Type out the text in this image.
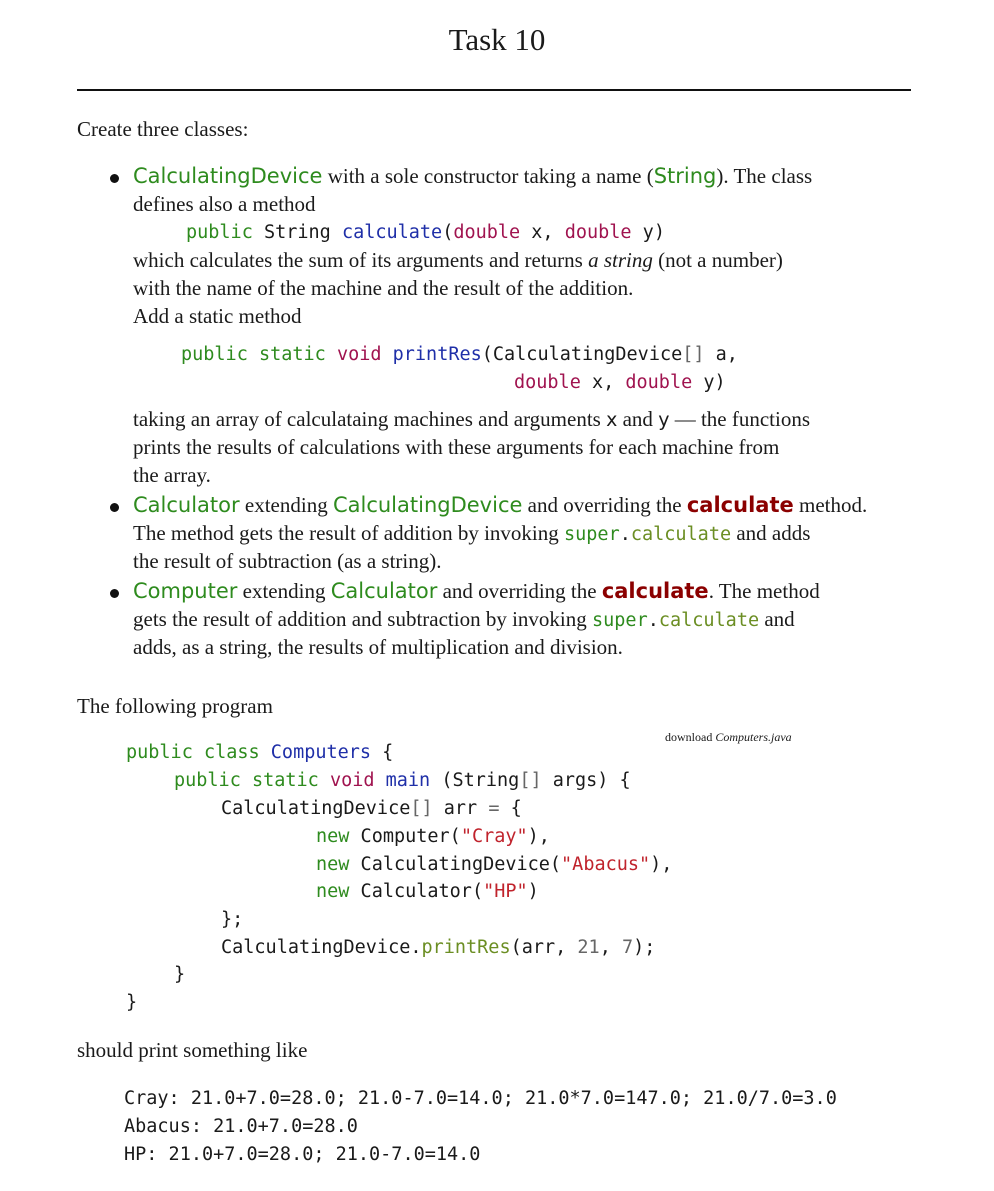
Task 10
Create three classes:
CalculatingDevice with a sole constructor taking a name (String). The class
defines also a method
public String calculate(double x, double y)
which calculates the sum of its arguments and returns a string (not a number)
with the name of the machine and the result of the addition.
Add a static method
public static void printRes(CalculatingDevice[] a,
double x, double y)
taking an array of calculataing machines and arguments x and y — the functions
prints the results of calculations with these arguments for each machine from
the array.
Calculator extending CalculatingDevice and overriding the calculate method.
The method gets the result of addition by invoking super.calculate and adds
the result of subtraction (as a string).
Computer extending Calculator and overriding the calculate. The method
gets the result of addition and subtraction by invoking super.calculate and
adds, as a string, the results of multiplication and division.
The following program
download Computers.java
public class Computers {
public static void main (String[] args) {
CalculatingDevice[] arr = {
new Computer("Cray"),
new CalculatingDevice("Abacus"),
new Calculator("HP")
};
CalculatingDevice.printRes(arr, 21, 7);
}
}
should print something like
Cray: 21.0+7.0=28.0; 21.0-7.0=14.0; 21.0*7.0=147.0; 21.0/7.0=3.0
Abacus: 21.0+7.0=28.0
HP: 21.0+7.0=28.0; 21.0-7.0=14.0
